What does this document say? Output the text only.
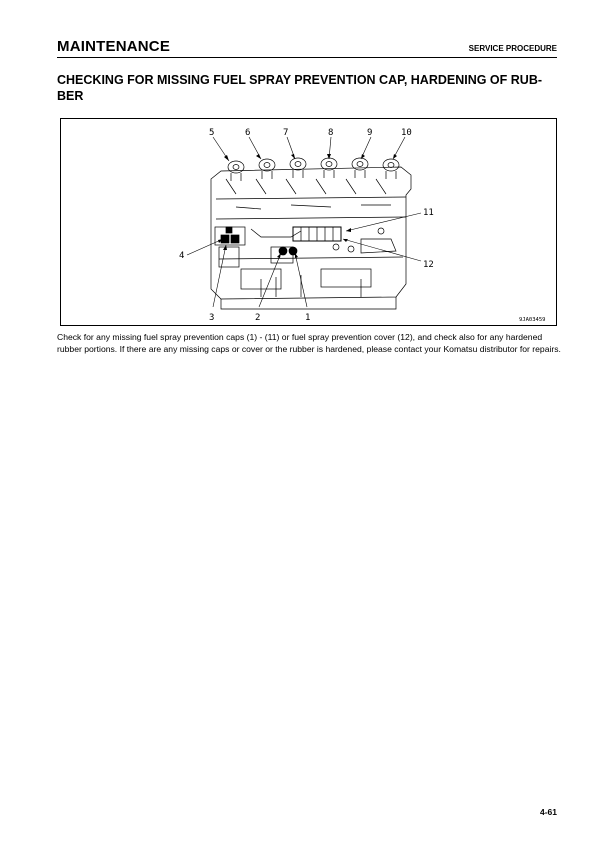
MAINTENANCE	SERVICE PROCEDURE
CHECKING FOR MISSING FUEL SPRAY PREVENTION CAP, HARDENING OF RUB-
BER
5	6	7	8	9	10
11
4
12
3	2	1	9JA03459
Check for any missing fuel spray prevention caps (1) - (11) or fuel spray prevention cover (12), and check also for any hardened rubber portions. If there are any missing caps or cover or the rubber is hardened, please contact your Komatsu distributor for repairs.
4-61
